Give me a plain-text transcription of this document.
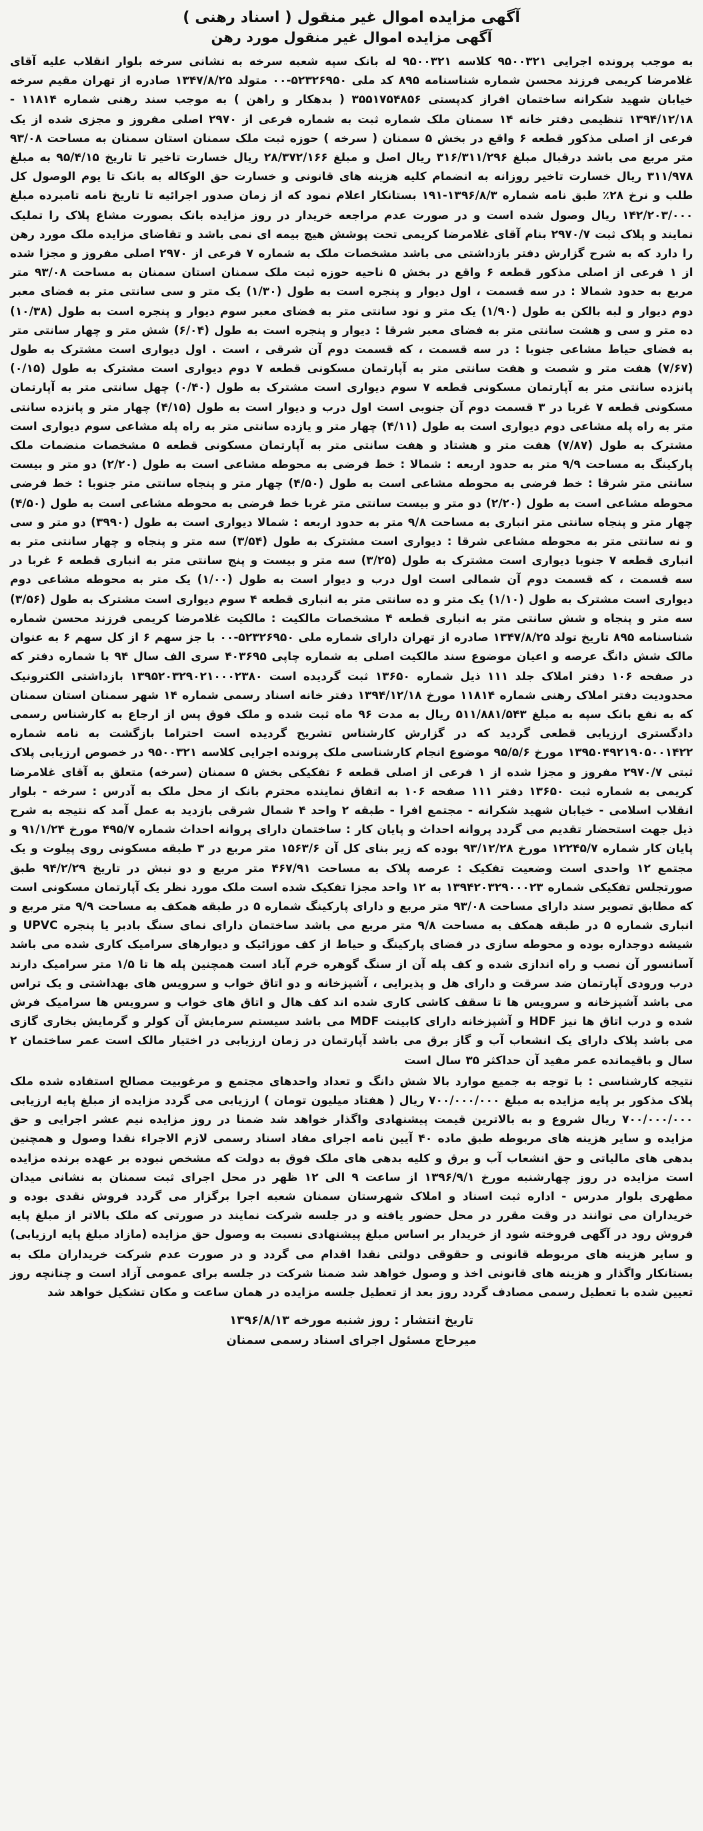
آگهی مزایده اموال غیر منقول ( اسناد رهنی )
آگهی مزایده اموال غیر منقول مورد رهن

به موجب پرونده اجرایی ۹۵۰۰۳۲۱ کلاسه ۹۵۰۰۳۲۱ له بانک سپه شعبه سرخه به نشانی سرخه بلوار انقلاب علیه آقای غلامرضا کریمی فرزند محسن شماره شناسنامه ۸۹۵ کد ملی ۵۲۳۲۶۹۵۰-۰۰ متولد ۱۳۴۷/۸/۲۵ صادره از تهران مقیم سرخه خیابان شهید شکرانه ساختمان افراز کدپستی ۳۵۵۱۷۵۴۸۵۶ ( بدهکار و راهن ) به موجب سند رهنی شماره ۱۱۸۱۴ - ۱۳۹۴/۱۲/۱۸ تنظیمی دفتر خانه ۱۴ سمنان ملک شماره ثبت به شماره فرعی از ۲۹۷۰ اصلی مفروز و مجزی شده از یک فرعی از اصلی مذکور قطعه ۶ واقع در بخش ۵ سمنان ( سرخه ) حوزه ثبت ملک سمنان استان سمنان به مساحت ۹۳/۰۸ متر مربع می باشد درقبال مبلغ ۳۱۶/۳۱۱/۲۹۶ ریال اصل و مبلغ ۲۸/۳۷۲/۱۶۶ ریال خسارت تاخیر تا تاریخ ۹۵/۴/۱۵ به مبلغ ۳۱۱/۹۷۸ ریال خسارت تاخیر روزانه به انضمام کلیه هزینه های قانونی و خسارت حق الوکاله به بانک تا یوم الوصول کل طلب و نرخ ۲۸٪ طبق نامه شماره ۱۳۹۶/۸/۳-۱۹۱ بستانکار اعلام نمود که از زمان صدور اجرائیه تا تاریخ نامه تامبرده مبلغ ۱۴۲/۲۰۳/۰۰۰ ریال وصول شده است و در صورت عدم مراجعه خریدار در روز مزایده بانک بصورت مشاع پلاک را تملیک نمایند و پلاک ثبت ۲۹۷۰/۷ بنام آقای غلامرضا کریمی تحت پوشش هیچ بیمه ای نمی باشد و تقاضای مزایده ملک مورد رهن را دارد که به شرح گزارش دفتر بازداشتی می باشد مشخصات ملک به شماره ۷ فرعی از ۲۹۷۰ اصلی مفروز و مجزا شده از ۱ فرعی از اصلی مذکور قطعه ۶ واقع در بخش ۵ ناحیه حوزه ثبت ملک سمنان استان سمنان به مساحت ۹۳/۰۸ متر مربع به حدود شمالا : در سه قسمت ، اول دیوار و پنجره است به طول (۱/۳۰) یک متر و سی سانتی متر به فضای معبر دوم دیوار و لبه بالکن به طول (۱/۹۰) یک متر و نود سانتی متر به فضای معبر سوم دیوار و پنجره است به طول (۱۰/۳۸) ده متر و سی و هشت سانتی متر به فضای معبر شرقا : دیوار و پنجره است به طول (۶/۰۴) شش متر و چهار سانتی متر به فضای حیاط مشاعی جنوبا : در سه قسمت ، که قسمت دوم آن شرقی ، است . اول دیواری است مشترک به طول (۷/۶۷) هفت متر و شصت و هفت سانتی متر به آپارتمان مسکونی قطعه ۷ دوم دیواری است مشترک به طول (۰/۱۵) پانزده سانتی متر به آپارتمان مسکونی قطعه ۷ سوم دیواری است مشترک به طول (۰/۴۰) چهل سانتی متر به آپارتمان مسکونی قطعه ۷ غربا در ۳ قسمت دوم آن جنوبی است اول درب و دیوار است به طول (۴/۱۵) چهار متر و پانزده سانتی متر به راه پله مشاعی دوم دیواری است به طول (۴/۱۱) چهار متر و یازده سانتی متر به راه پله مشاعی سوم دیواری است مشترک به طول (۷/۸۷) هفت متر و هشتاد و هفت سانتی متر به آپارتمان مسکونی قطعه ۵ مشخصات منضمات ملک پارکینگ به مساحت ۹/۹ متر به حدود اربعه : شمالا : خط فرضی به محوطه مشاعی است به طول (۲/۲۰) دو متر و بیست سانتی متر شرقا : خط فرضی به محوطه مشاعی است به طول (۴/۵۰) چهار متر و پنجاه سانتی متر جنوبا : خط فرضی محوطه مشاعی است به طول (۲/۲۰) دو متر و بیست سانتی متر غربا خط فرضی به محوطه مشاعی است به طول (۴/۵۰) چهار متر و پنجاه سانتی متر انباری به مساحت ۹/۸ متر به حدود اربعه : شمالا دیواری است به طول (۳۹۹۰) دو متر و سی و نه سانتی متر به محوطه مشاعی شرقا : دیواری است مشترک به طول (۳/۵۴) سه متر و پنجاه و چهار سانتی متر به انباری قطعه ۷ جنوبا دیواری است مشترک به طول (۳/۲۵) سه متر و بیست و پنج سانتی متر به انباری قطعه ۶ غربا در سه قسمت ، که قسمت دوم آن شمالی است اول درب و دیوار است به طول (۱/۰۰) یک متر به محوطه مشاعی دوم دیواری است مشترک به طول (۱/۱۰) یک متر و ده سانتی متر به انباری قطعه ۴ سوم دیواری است مشترک به طول (۳/۵۶) سه متر و پنجاه و شش سانتی متر به انباری قطعه ۴ مشخصات مالکیت : مالکیت غلامرضا کریمی فرزند محسن شماره شناسنامه ۸۹۵ تاریخ تولد ۱۳۴۷/۸/۲۵ صادره از تهران دارای شماره ملی ۵۲۳۲۶۹۵۰-۰۰ با جز سهم ۶ از کل سهم ۶ به عنوان مالک شش دانگ عرصه و اعیان موضوع سند مالکیت اصلی به شماره چاپی ۴۰۳۶۹۵ سری الف سال ۹۴ با شماره دفتر که در صفحه ۱۰۶ دفتر املاک جلد ۱۱۱ ذیل شماره ۱۳۶۵۰ ثبت گردیده است ۱۳۹۵۲۰۳۲۹۰۲۱۰۰۰۲۳۸۰ بازداشتی الکترونیک محدودیت دفتر املاک رهنی شماره ۱۱۸۱۴ مورخ ۱۳۹۴/۱۲/۱۸ دفتر خانه اسناد رسمی شماره ۱۴ شهر سمنان استان سمنان که به نفع بانک سپه به مبلغ ۵۱۱/۸۸۱/۵۴۳ ریال به مدت ۹۶ ماه ثبت شده و ملک فوق پس از ارجاع به کارشناس رسمی دادگستری ارزیابی قطعی گردید که در گزارش کارشناس تشریح گردیده است احتراما بازگشت به نامه شماره ۱۳۹۵۰۴۹۲۱۹۰۵۰۰۱۴۲۲ مورخ ۹۵/۵/۶ موضوع انجام کارشناسی ملک پرونده اجرایی کلاسه ۹۵۰۰۳۲۱ در خصوص ارزیابی پلاک ثبتی ۲۹۷۰/۷ مفروز و مجزا شده از ۱ فرعی از اصلی قطعه ۶ تفکیکی بخش ۵ سمنان (سرخه) متعلق به آقای غلامرضا کریمی به شماره ثبت ۱۳۶۵۰ دفتر ۱۱۱ صفحه ۱۰۶ به اتفاق نماینده محترم بانک از محل ملک به آدرس : سرخه - بلوار انقلاب اسلامی - خیابان شهید شکرانه - مجتمع افرا - طبقه ۲ واحد ۴ شمال شرقی بازدید به عمل آمد که نتیجه به شرح ذیل جهت استحضار تقدیم می گردد پروانه احداث و پایان کار : ساختمان دارای پروانه احداث شماره ۴۹۵/۷ مورخ ۹۱/۱/۲۴ و پایان کار شماره ۱۲۲۴۵/۷ مورخ ۹۳/۱۲/۲۸ بوده که زیر بنای کل آن ۱۵۶۳/۶ متر مربع در ۳ طبقه مسکونی روی پیلوت و یک مجتمع ۱۲ واحدی است وضعیت تفکیک : عرصه پلاک به مساحت ۴۶۷/۹۱ متر مربع و دو نبش در تاریخ ۹۴/۲/۲۹ طبق صورتجلس تفکیکی شماره ۱۳۹۴۲۰۳۲۹۰۰۰۲۳ به ۱۲ واحد مجزا تفکیک شده است ملک مورد نظر یک آپارتمان مسکونی است که مطابق تصویر سند دارای مساحت ۹۳/۰۸ متر مربع و دارای پارکینگ شماره ۵ در طبقه همکف به مساحت ۹/۹ متر مربع و انباری شماره ۵ در طبقه همکف به مساحت ۹/۸ متر مربع می باشد ساختمان دارای نمای سنگ بادبر یا پنجره UPVC و شیشه دوجداره بوده و محوطه سازی در فضای پارکینگ و حیاط از کف موزائیک و دیوارهای سرامیک کاری شده می باشد آسانسور آن نصب و راه اندازی شده و کف پله آن از سنگ گوهره خرم آباد است همچنین پله ها تا ۱/۵ متر سرامیک دارند درب ورودی آپارتمان ضد سرقت و دارای هل و پذیرایی ، آشپزخانه و دو اتاق خواب و سرویس های بهداشتی و یک تراس می باشد آشپزخانه و سرویس ها تا سقف کاشی کاری شده اند کف هال و اتاق های خواب و سرویس ها سرامیک فرش شده و درب اتاق ها نیز HDF و آشپزخانه دارای کابینت MDF می باشد سیستم سرمایش آن کولر و گرمایش بخاری گازی می باشد پلاک دارای یک انشعاب آب و گاز برق می باشد آپارتمان در زمان ارزیابی در اختیار مالک است عمر ساختمان ۲ سال و باقیمانده عمر مفید آن حداکثر ۳۵ سال است

نتیجه کارشناسی : با توجه به جمیع موارد بالا شش دانگ و تعداد واحدهای مجتمع و مرغوبیت مصالح استفاده شده ملک پلاک مذکور بر پایه مزایده به مبلغ ۷۰۰/۰۰۰/۰۰۰ ریال ( هفتاد میلیون تومان ) ارزیابی می گردد مزایده از مبلغ پایه ارزیابی ۷۰۰/۰۰۰/۰۰۰ ریال شروع و به بالاترین قیمت پیشنهادی واگذار خواهد شد ضمنا در روز مزایده نیم عشر اجرایی و حق مزایده و سایر هزینه های مربوطه طبق ماده ۴۰ آیین نامه اجرای مفاد اسناد رسمی لازم الاجراء نقدا وصول و همچنین بدهی های مالیاتی و حق انشعاب آب و برق و کلیه بدهی های ملک فوق به دولت که مشخص نبوده بر عهده برنده مزایده است مزایده در روز چهارشنبه مورخ ۱۳۹۶/۹/۱ از ساعت ۹ الی ۱۲ ظهر در محل اجرای ثبت سمنان به نشانی میدان مطهری بلوار مدرس - اداره ثبت اسناد و املاک شهرستان سمنان شعبه اجرا برگزار می گردد فروش نقدی بوده و خریداران می توانند در وقت مقرر در محل حضور یافته و در جلسه شرکت نمایند در صورتی که ملک بالاتر از مبلغ پایه فروش رود در آگهی فروخته شود از خریدار بر اساس مبلغ پیشنهادی نسبت به وصول حق مزایده (مازاد مبلغ پایه ارزیابی) و سایر هزینه های مربوطه قانونی و حقوقی دولتی نقدا اقدام می گردد و در صورت عدم شرکت خریداران ملک به بستانکار واگذار و هزینه های قانونی اخذ و وصول خواهد شد ضمنا شرکت در جلسه برای عمومی آزاد است و چنانچه روز تعیین شده با تعطیل رسمی مصادف گردد روز بعد از تعطیل جلسه مزایده در همان ساعت و مکان تشکیل خواهد شد

تاریخ انتشار : روز شنبه مورخه ۱۳۹۶/۸/۱۳
میرحاج مسئول اجرای اسناد رسمی سمنان
